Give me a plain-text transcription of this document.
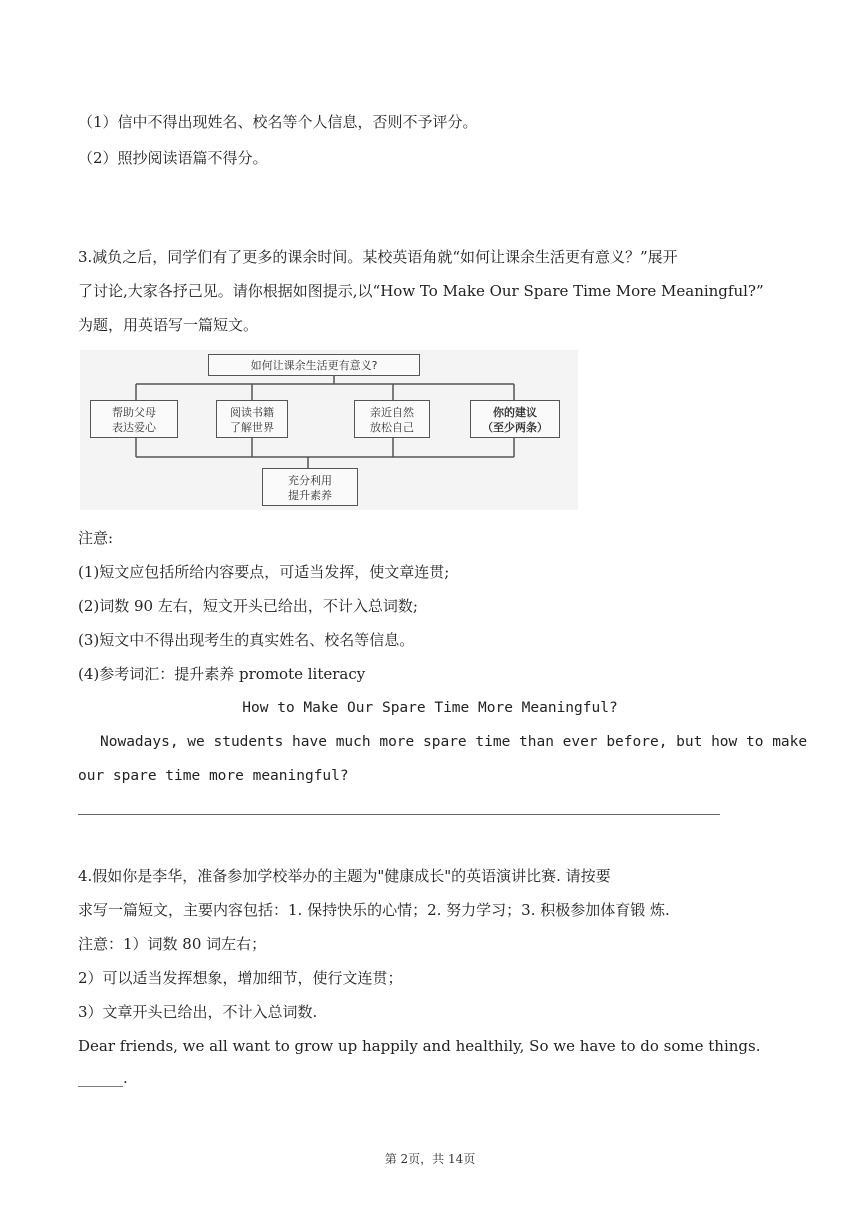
（1）信中不得出现姓名、校名等个人信息，否则不予评分。
（2）照抄阅读语篇不得分。
3.减负之后，同学们有了更多的课余时间。某校英语角就“如何让课余生活更有意义？”展开
了讨论,大家各抒己见。请你根据如图提示,以“How To Make Our Spare Time More Meaningful?”
为题，用英语写一篇短文。
如何让课余生活更有意义?
帮助父母
表达爱心
阅读书籍
了解世界
亲近自然
放松自己
你的建议
（至少两条）
充分利用
提升素养
注意:
(1)短文应包括所给内容要点，可适当发挥，使文章连贯;
(2)词数 90 左右，短文开头已给出，不计入总词数;
(3)短文中不得出现考生的真实姓名、校名等信息。
(4)参考词汇：提升素养 promote literacy
How to Make Our Spare Time More Meaningful?
Nowadays, we students have much more spare time than ever before, but how to make
our spare time more meaningful?
4.假如你是李华，准备参加学校举办的主题为"健康成长"的英语演讲比赛. 请按要
求写一篇短文，主要内容包括：1. 保持快乐的心情；2. 努力学习；3. 积极参加体育锻 炼.
注意：1）词数 80 词左右；
2）可以适当发挥想象，增加细节，使行文连贯；
3）文章开头已给出，不计入总词数.
Dear friends, we all want to grow up happily and healthily, So we have to do some things.
______.
第 2页，共 14页
